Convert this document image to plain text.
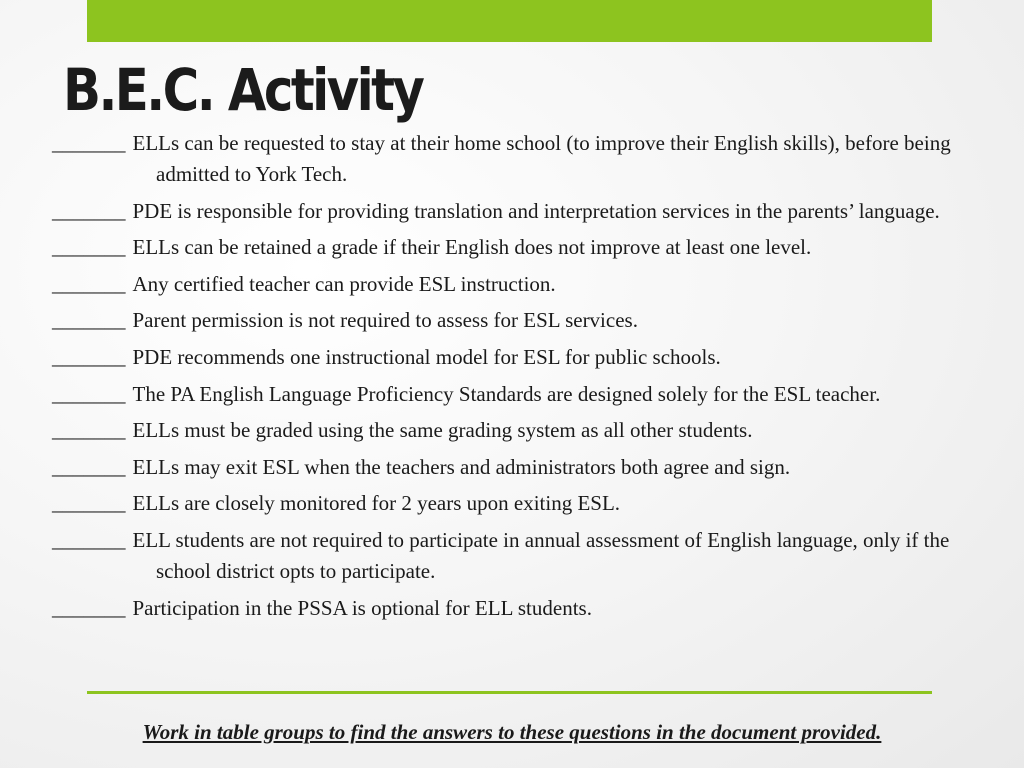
B.E.C. Activity
_______ELLs can be requested to stay at their home school (to improve their English skills), before being admitted to York Tech.
_______PDE is responsible for providing translation and interpretation services in the parents’ language.
_______ELLs can be retained a grade if their English does not improve at least one level.
_______Any certified teacher can provide ESL instruction.
_______Parent permission is not required to assess for ESL services.
_______PDE recommends one instructional model for ESL for public schools.
_______The PA English Language Proficiency Standards are designed solely for the ESL teacher.
_______ELLs must be graded using the same grading system as all other students.
_______ELLs may exit ESL when the teachers and administrators both agree and sign.
_______ELLs are closely monitored for 2 years upon exiting ESL.
_______ELL students are not required to participate in annual assessment of English language, only if the school district opts to participate.
_______Participation in the PSSA is optional for ELL students.

Work in table groups to find the answers to these questions in the document provided.
